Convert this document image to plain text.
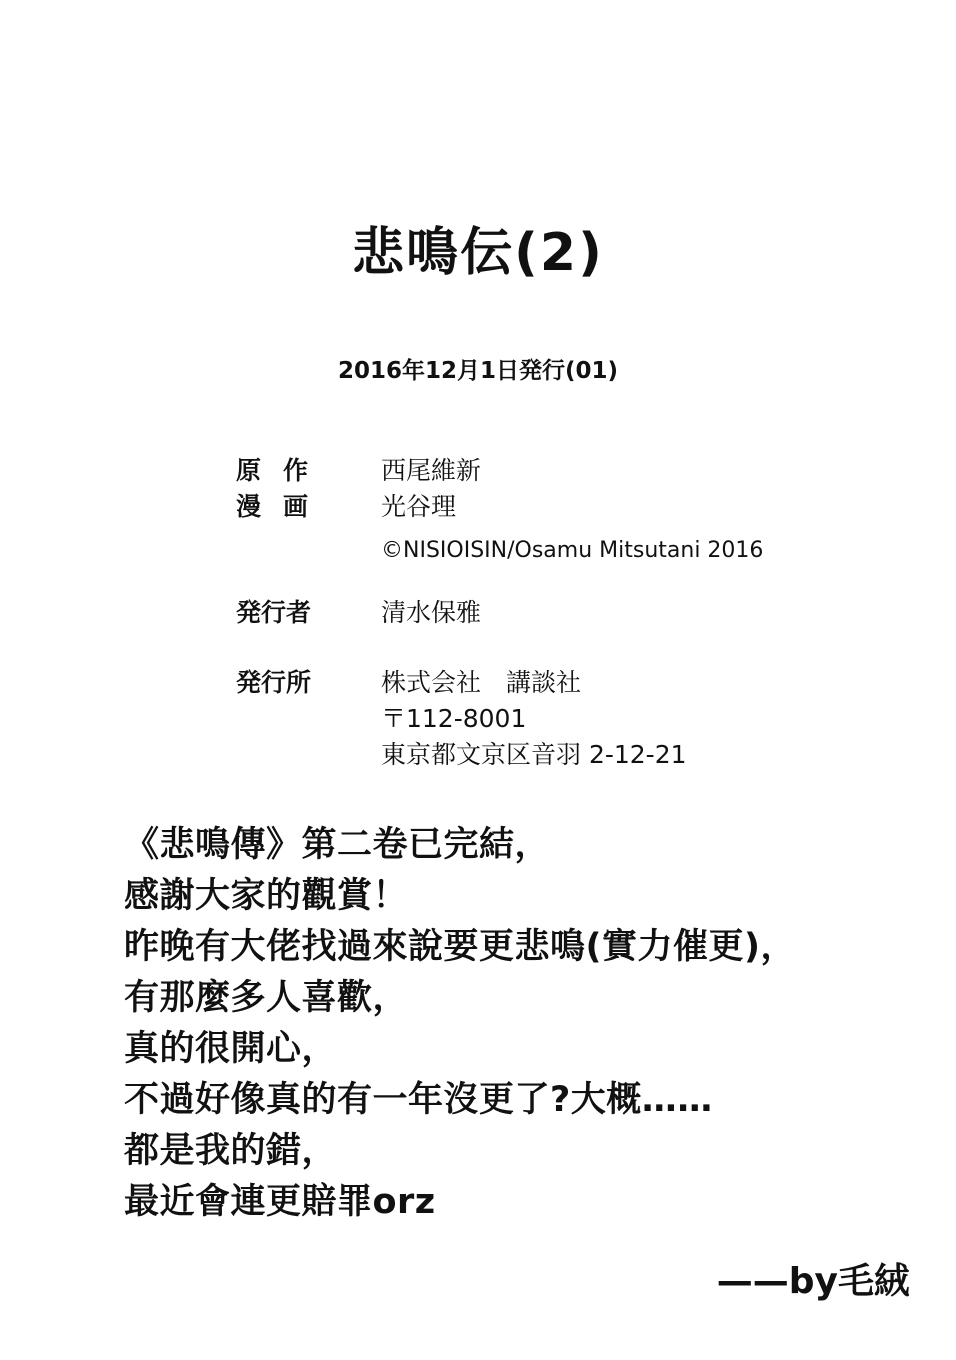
悲鳴伝(2)
2016年12月1日発行(01)
原作	西尾維新
漫画	光谷理
©NISIOISIN/Osamu Mitsutani 2016
発行者	清水保雅
発行所	株式会社　講談社
〒112-8001
東京都文京区音羽 2-12-21
《悲鳴傳》第二卷已完結，
感謝大家的觀賞！
昨晚有大佬找過來說要更悲鳴(實力催更)，
有那麼多人喜歡，
真的很開心，
不過好像真的有一年沒更了?大概……
都是我的錯，
最近會連更賠罪orz
——by毛絨
